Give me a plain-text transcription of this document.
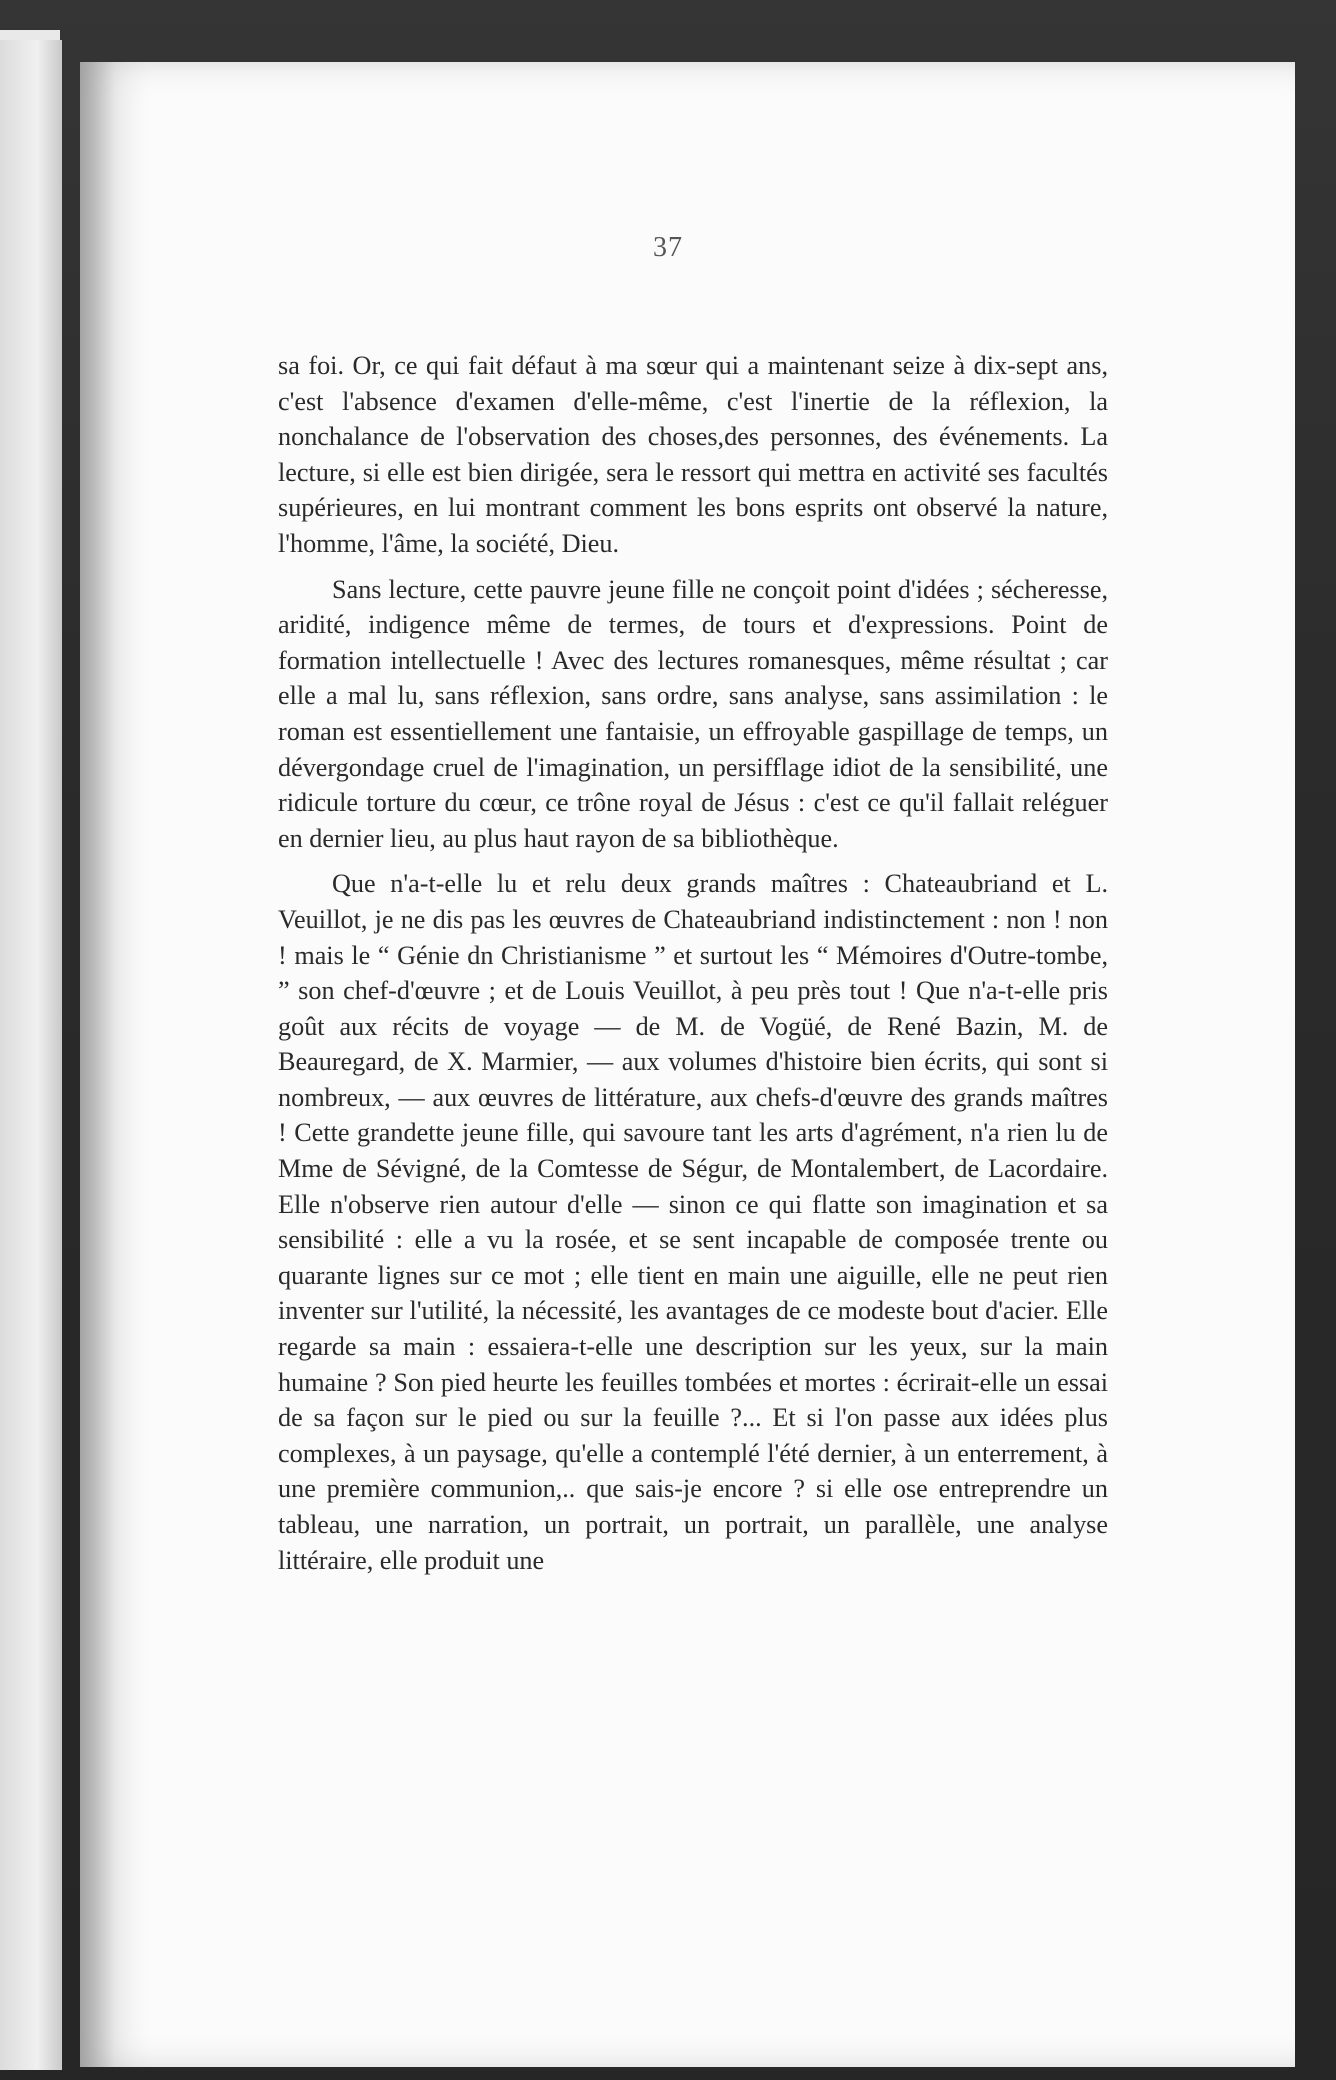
37

sa foi. Or, ce qui fait défaut à ma sœur qui a maintenant seize à dix-sept ans, c'est l'absence d'examen d'elle-même, c'est l'inertie de la réflexion, la nonchalance de l'observation des choses,des personnes, des événements. La lecture, si elle est bien dirigée, sera le ressort qui mettra en activité ses facultés supérieures, en lui montrant comment les bons esprits ont observé la nature, l'homme, l'âme, la société, Dieu.

Sans lecture, cette pauvre jeune fille ne conçoit point d'idées ; sécheresse, aridité, indigence même de termes, de tours et d'expressions. Point de formation intellectuelle ! Avec des lectures romanesques, même résultat ; car elle a mal lu, sans réflexion, sans ordre, sans analyse, sans assimilation : le roman est essentiellement une fantaisie, un effroyable gaspillage de temps, un dévergondage cruel de l'imagination, un persifflage idiot de la sensibilité, une ridicule torture du cœur, ce trône royal de Jésus : c'est ce qu'il fallait reléguer en dernier lieu, au plus haut rayon de sa bibliothèque.

Que n'a-t-elle lu et relu deux grands maîtres : Chateaubriand et L. Veuillot, je ne dis pas les œuvres de Chateaubriand indistinctement : non ! non ! mais le “ Génie dn Christianisme ” et surtout les “ Mémoires d'Outre-tombe, ” son chef-d'œuvre ; et de Louis Veuillot, à peu près tout ! Que n'a-t-elle pris goût aux récits de voyage — de M. de Vogüé, de René Bazin, M. de Beauregard, de X. Marmier, — aux volumes d'histoire bien écrits, qui sont si nombreux, — aux œuvres de littérature, aux chefs-d'œuvre des grands maîtres ! Cette grandette jeune fille, qui savoure tant les arts d'agrément, n'a rien lu de Mme de Sévigné, de la Comtesse de Ségur, de Montalembert, de Lacordaire. Elle n'observe rien autour d'elle — sinon ce qui flatte son imagination et sa sensibilité : elle a vu la rosée, et se sent incapable de composée trente ou quarante lignes sur ce mot ; elle tient en main une aiguille, elle ne peut rien inventer sur l'utilité, la nécessité, les avantages de ce modeste bout d'acier. Elle regarde sa main : essaiera-t-elle une description sur les yeux, sur la main humaine ? Son pied heurte les feuilles tombées et mortes : écrirait-elle un essai de sa façon sur le pied ou sur la feuille ?... Et si l'on passe aux idées plus complexes, à un paysage, qu'elle a contemplé l'été dernier, à un enterrement, à une première communion,.. que sais-je encore ? si elle ose entreprendre un tableau, une narration, un portrait, un portrait, un parallèle, une analyse littéraire, elle produit une
